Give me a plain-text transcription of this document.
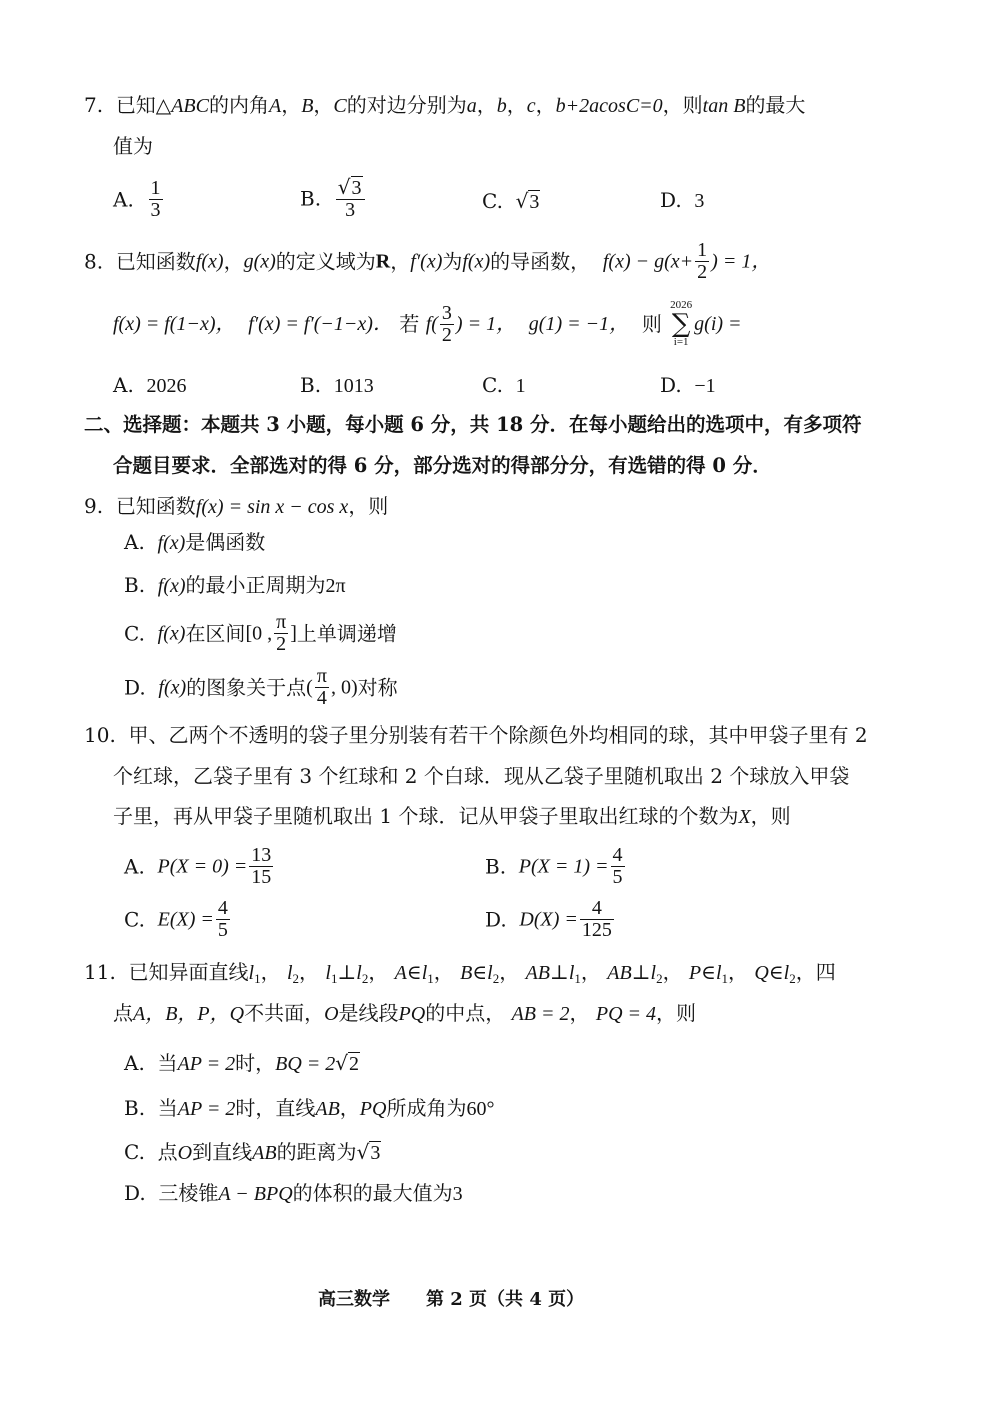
7. 已知△ABC的内角A，B，C的对边分别为a，b，c，b+2acosC=0，则tan B的最大
值为
A. $\frac{1}{3}$	B. $\frac{√3}{3}$	C. √3	D. 3
8. 已知函数f(x)，g(x)的定义域为R，f′(x)为f(x)的导函数， $f(x) - g(x+ \frac{1}{2}$ ) = 1，
f(x) = f(1−x)， f′(x) = f′(−1−x)． 若 $f( \frac{3}{2}$ ) = 1， g(1) = −1， 则
2026
∑
i=1
g(i) =
A. 2026	B. 1013	C. 1	D. −1
二、选择题：本题共 3 小题，每小题 6 分，共 18 分．在每小题给出的选项中，有多项符
合题目要求．全部选对的得 6 分，部分选对的得部分分，有选错的得 0 分．
9. 已知函数f(x) = sin x − cos x，则
A. f(x)是偶函数
B. f(x)的最小正周期为2π
C. f(x)在区间[0 , $\frac{\pi}{2}$ ]上单调递增
D. f(x)的图象关于点( $\frac{\pi}{4}$ , 0)对称
10. 甲、乙两个不透明的袋子里分别装有若干个除颜色外均相同的球，其中甲袋子里有 2
个红球，乙袋子里有 3 个红球和 2 个白球．现从乙袋子里随机取出 2 个球放入甲袋
子里，再从甲袋子里随机取出 1 个球．记从甲袋子里取出红球的个数为X，则
A. $P(X = 0) = \frac{13}{15}$	B. $P(X = 1) = \frac{4}{5}$
C. $E(X) = \frac{4}{5}$	D. $D(X) = \frac{4}{125}$
11. 已知异面直线$l_1$， $l_2$， $l_1\perp l_2$， $A\in l_1$， $B\in l_2$， $AB\perp l_1$， $AB\perp l_2$， $P\in l_1$， $Q\in l_2$，四
点A，B，P，Q不共面，O是线段PQ的中点， AB = 2， PQ = 4，则
A. 当AP = 2时，BQ = 2√2
B. 当AP = 2时，直线AB，PQ所成角为60°
C. 点O到直线AB的距离为√3
D. 三棱锥A − BPQ的体积的最大值为3
高三数学　　第 2 页（共 4 页）
